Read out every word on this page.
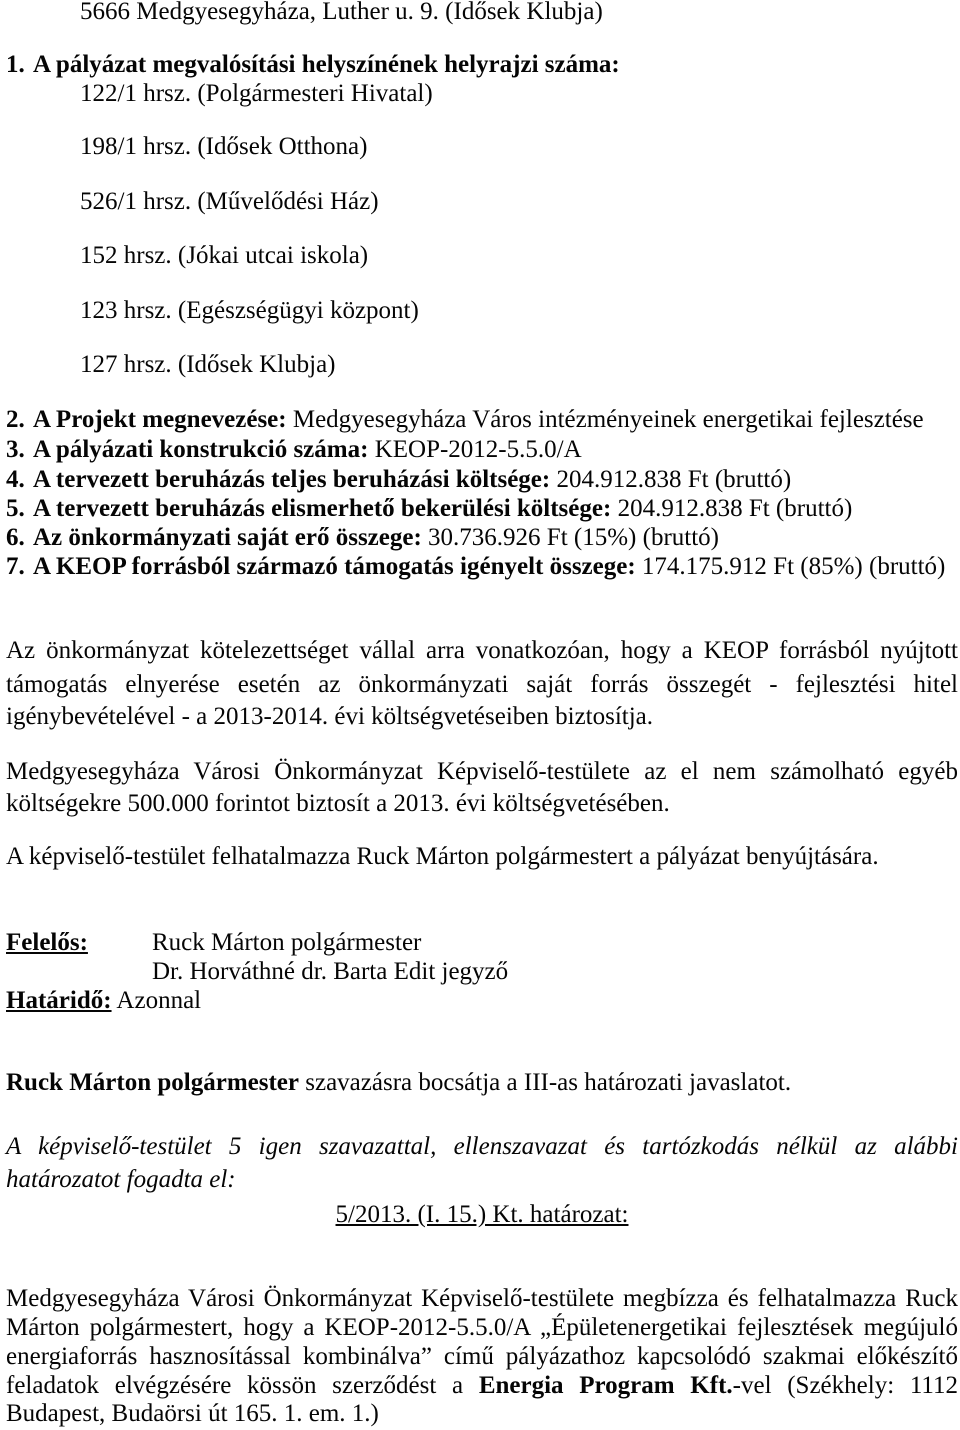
5666 Medgyesegyháza, Luther u. 9. (Idősek Klubja)
1. A pályázat megvalósítási helyszínének helyrajzi száma:
122/1 hrsz. (Polgármesteri Hivatal)
198/1 hrsz. (Idősek Otthona)
526/1 hrsz. (Művelődési Ház)
152 hrsz. (Jókai utcai iskola)
123 hrsz. (Egészségügyi központ)
127 hrsz. (Idősek Klubja)
2. A Projekt megnevezése: Medgyesegyháza Város intézményeinek energetikai fejlesztése
3. A pályázati konstrukció száma: KEOP-2012-5.5.0/A
4. A tervezett beruházás teljes beruházási költsége: 204.912.838 Ft (bruttó)
5. A tervezett beruházás elismerhető bekerülési költsége: 204.912.838 Ft (bruttó)
6. Az önkormányzati saját erő összege: 30.736.926 Ft (15%) (bruttó)
7. A KEOP forrásból származó támogatás igényelt összege: 174.175.912 Ft (85%) (bruttó)
Az önkormányzat kötelezettséget vállal arra vonatkozóan, hogy a KEOP forrásból nyújtott
támogatás elnyerése esetén az önkormányzati saját forrás összegét - fejlesztési hitel
igénybevételével - a 2013-2014. évi költségvetéseiben biztosítja.
Medgyesegyháza Városi Önkormányzat Képviselő-testülete az el nem számolható egyéb
költségekre 500.000 forintot biztosít a 2013. évi költségvetésében.
A képviselő-testület felhatalmazza Ruck Márton polgármestert a pályázat benyújtására.
Felelős:	Ruck Márton polgármester
Dr. Horváthné dr. Barta Edit jegyző
Határidő: Azonnal
Ruck Márton polgármester szavazásra bocsátja a III-as határozati javaslatot.
A képviselő-testület 5 igen szavazattal, ellenszavazat és tartózkodás nélkül az alábbi
határozatot fogadta el:
5/2013. (I. 15.) Kt. határozat:
Medgyesegyháza Városi Önkormányzat Képviselő-testülete megbízza és felhatalmazza Ruck
Márton polgármestert, hogy a KEOP-2012-5.5.0/A „Épületenergetikai fejlesztések megújuló
energiaforrás hasznosítással kombinálva” című pályázathoz kapcsolódó szakmai előkészítő
feladatok elvégzésére kössön szerződést a Energia Program Kft.-vel (Székhely: 1112
Budapest, Budaörsi út 165. 1. em. 1.)
